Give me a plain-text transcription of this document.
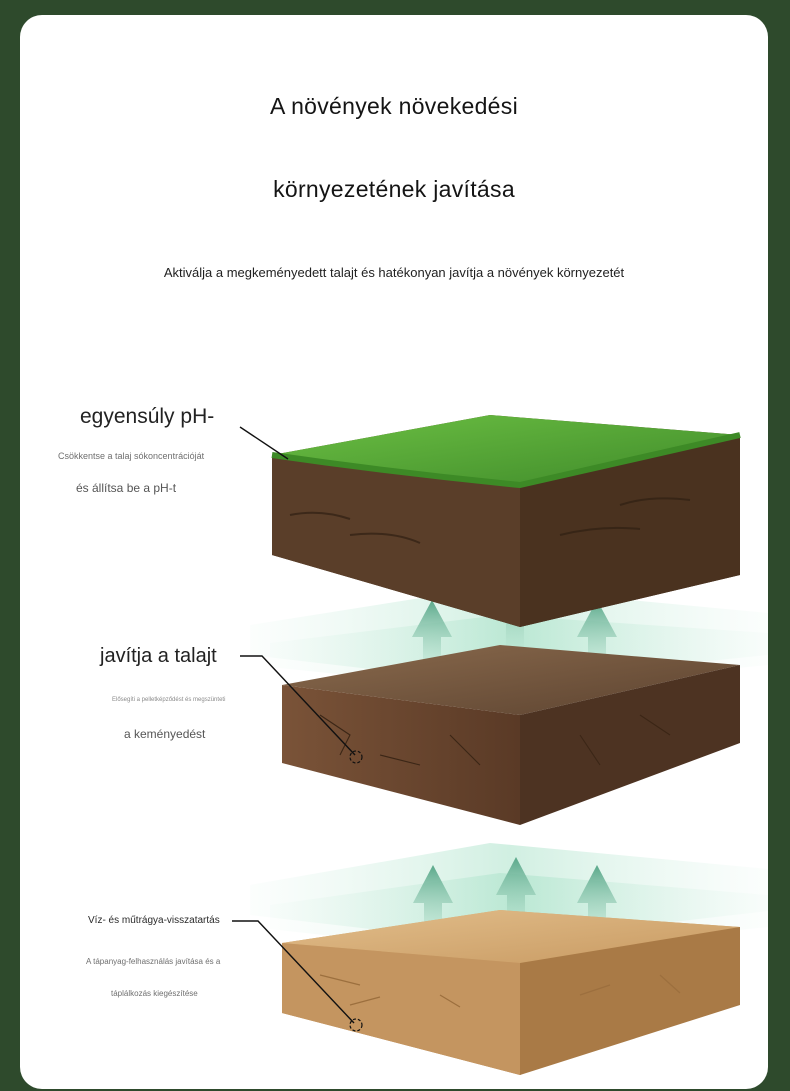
A növények növekedési
környezetének javítása
Aktiválja a megkeményedett talajt és hatékonyan javítja a növények környezetét
egyensúly pH-
Csökkentse a talaj sókoncentrációját
és állítsa be a pH-t
javítja a talajt
Elősegíti a pelletképződést és megszünteti
a keményedést
Víz- és műtrágya-visszatartás
A tápanyag-felhasználás javítása és a
táplálkozás kiegészítése
